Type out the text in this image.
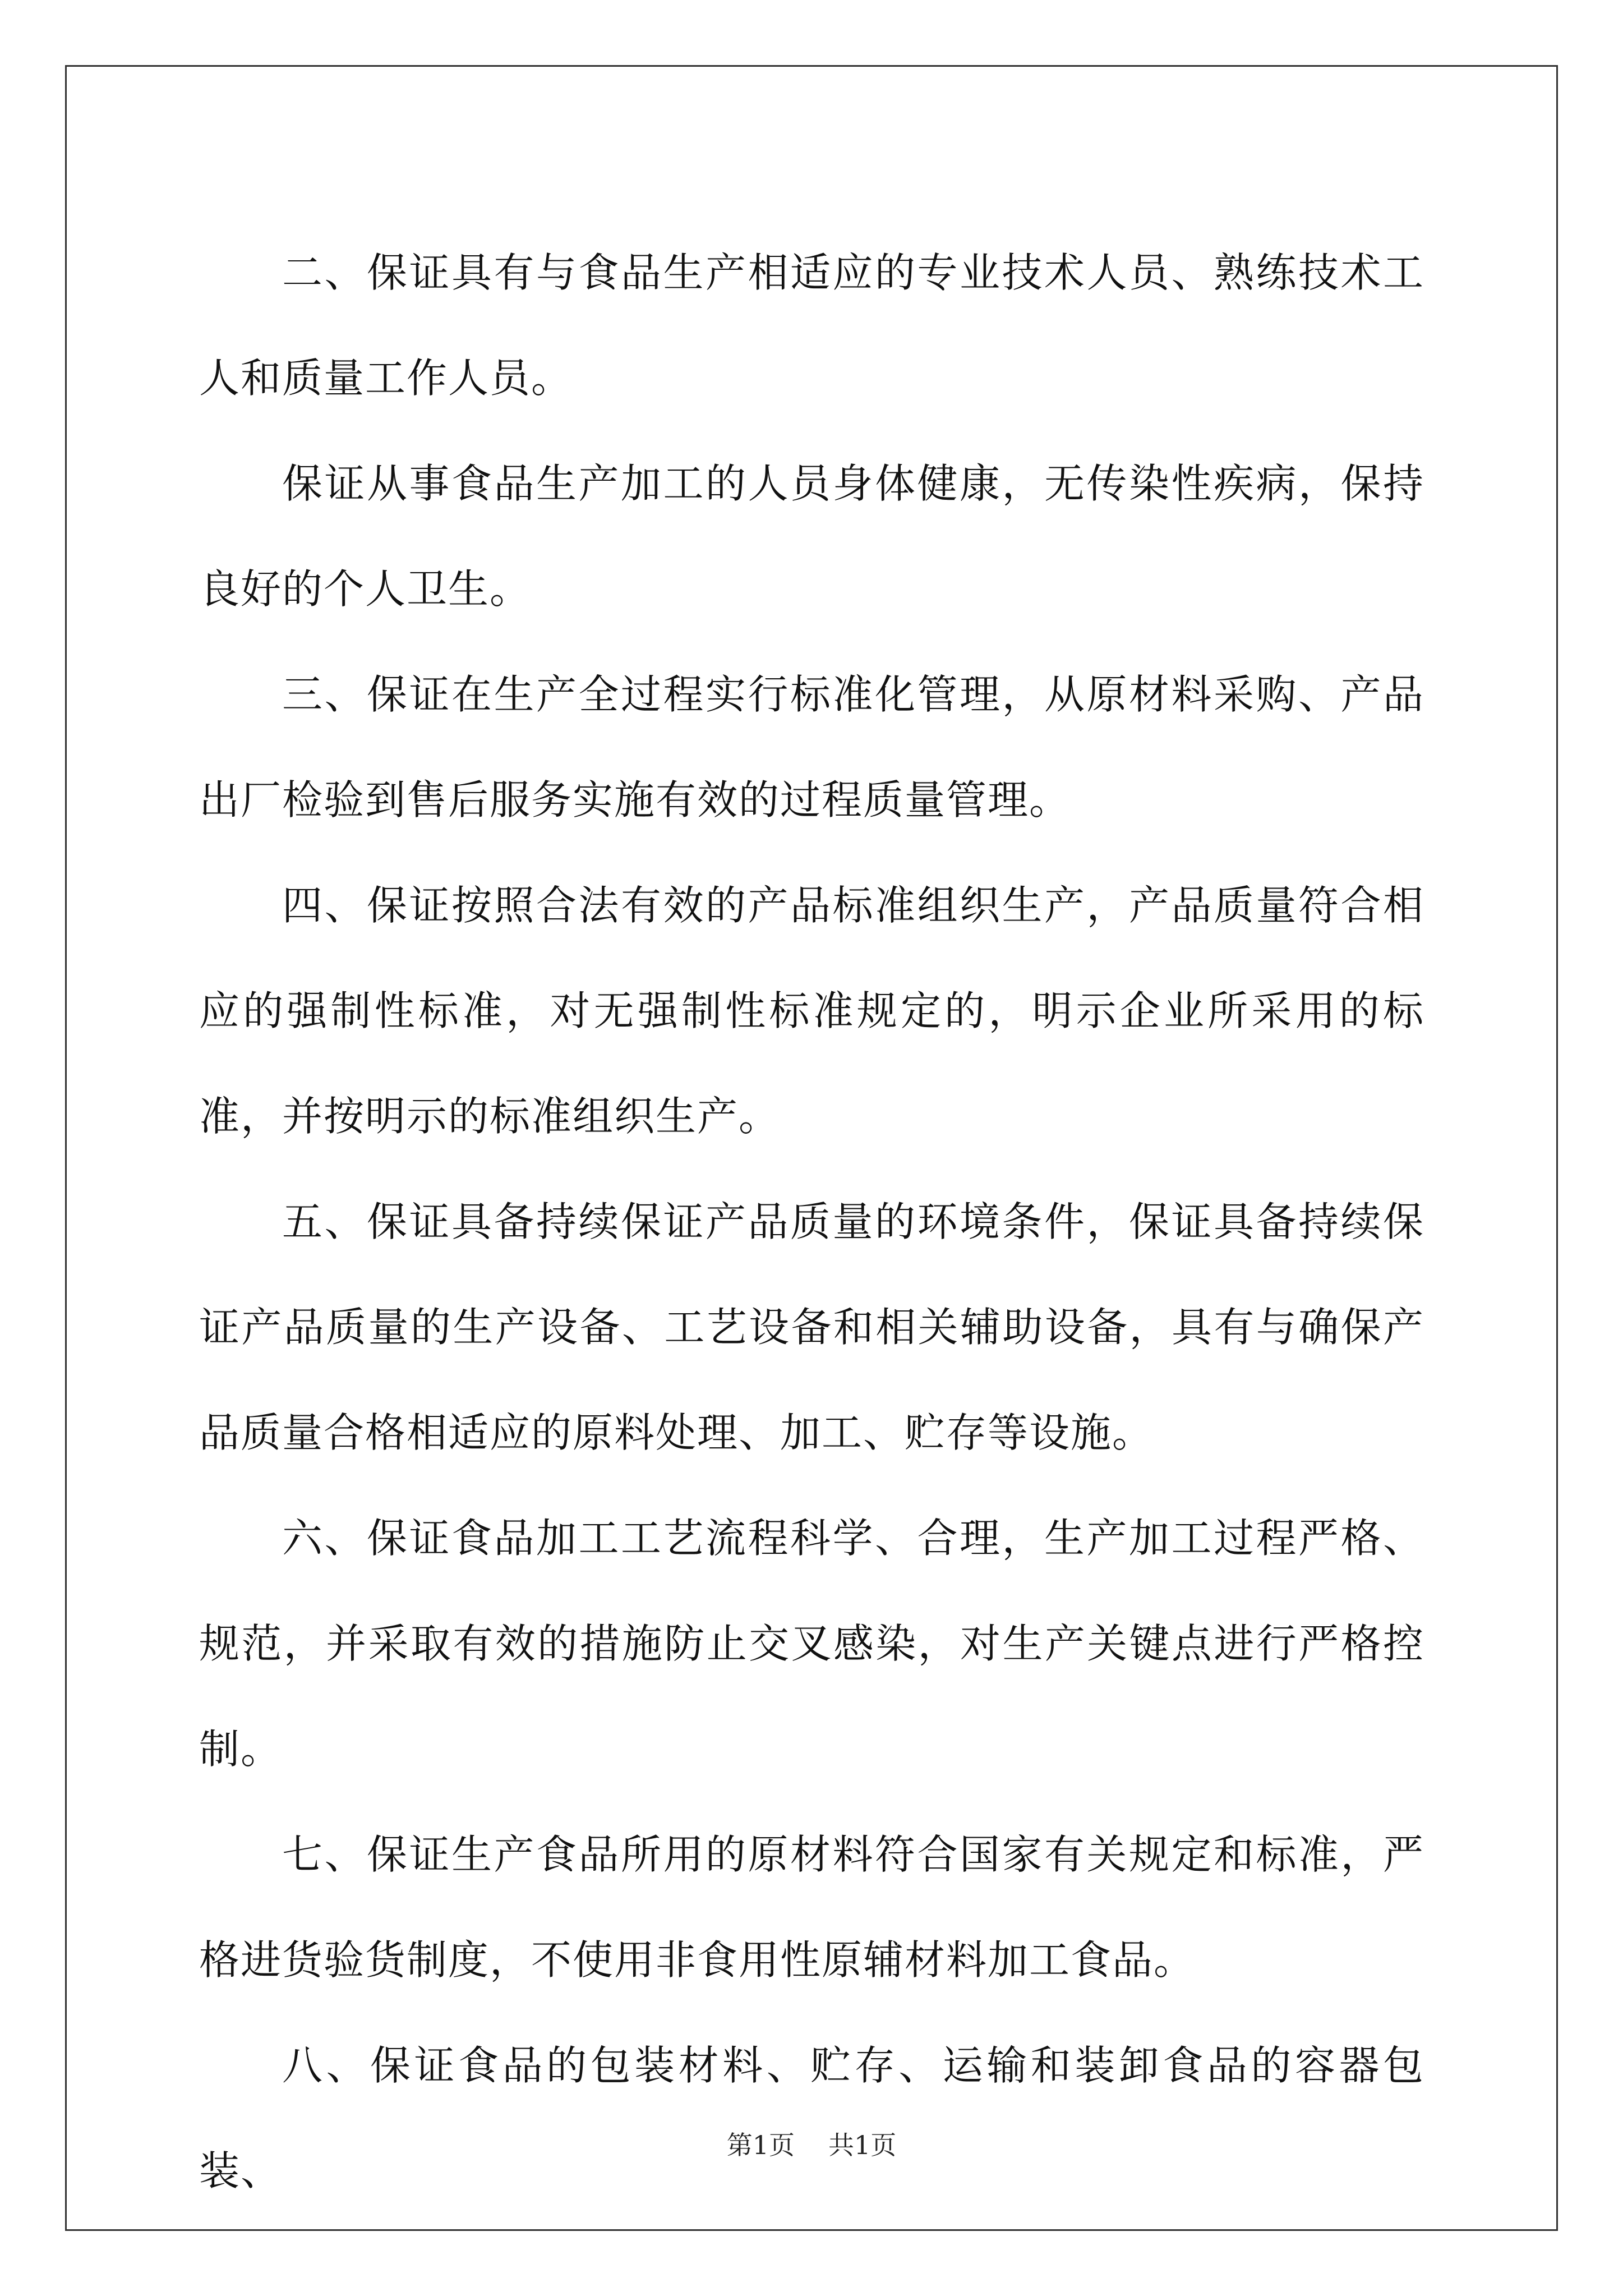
二、保证具有与食品生产相适应的专业技术人员、熟练技术工人和质量工作人员。

保证从事食品生产加工的人员身体健康，无传染性疾病，保持良好的个人卫生。

三、保证在生产全过程实行标准化管理，从原材料采购、产品出厂检验到售后服务实施有效的过程质量管理。

四、保证按照合法有效的产品标准组织生产，产品质量符合相应的强制性标准，对无强制性标准规定的，明示企业所采用的标准，并按明示的标准组织生产。

五、保证具备持续保证产品质量的环境条件，保证具备持续保证产品质量的生产设备、工艺设备和相关辅助设备，具有与确保产品质量合格相适应的原料处理、加工、贮存等设施。

六、保证食品加工工艺流程科学、合理，生产加工过程严格、规范，并采取有效的措施防止交叉感染，对生产关键点进行严格控制。

七、保证生产食品所用的原材料符合国家有关规定和标准，严格进货验货制度，不使用非食用性原辅材料加工食品。

八、保证食品的包装材料、贮存、运输和装卸食品的容器包装、

第1页 共1页
